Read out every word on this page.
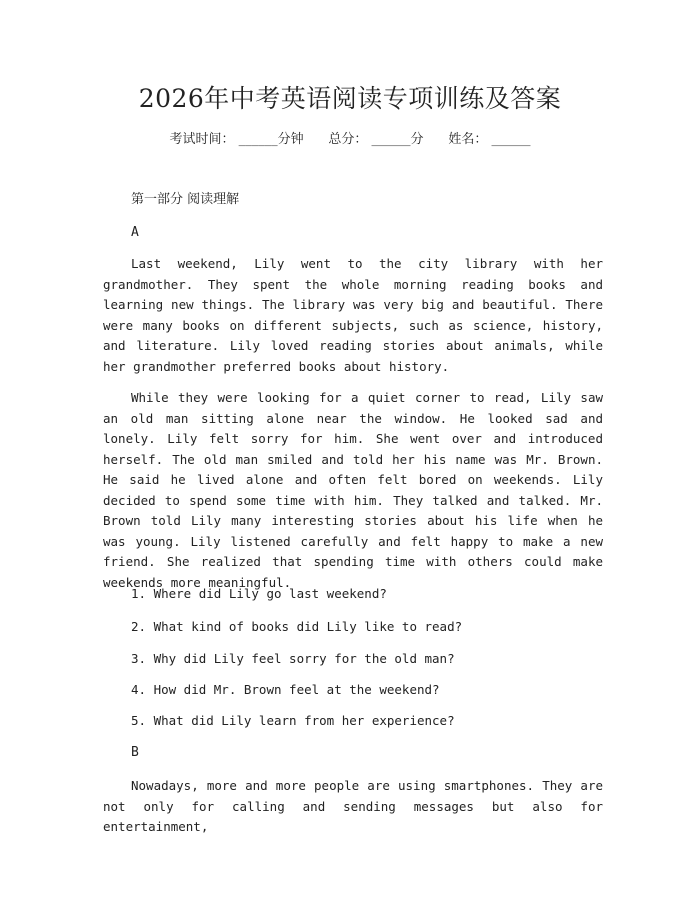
2026年中考英语阅读专项训练及答案
考试时间： ______分钟      总分： ______分      姓名： ______
第一部分 阅读理解
A
Last weekend, Lily went to the city library with her grandmother. They spent the whole morning reading books and learning new things. The library was very big and beautiful. There were many books on different subjects, such as science, history, and literature. Lily loved reading stories about animals, while her grandmother preferred books about history.
While they were looking for a quiet corner to read, Lily saw an old man sitting alone near the window. He looked sad and lonely. Lily felt sorry for him. She went over and introduced herself. The old man smiled and told her his name was Mr. Brown. He said he lived alone and often felt bored on weekends. Lily decided to spend some time with him. They talked and talked. Mr. Brown told Lily many interesting stories about his life when he was young. Lily listened carefully and felt happy to make a new friend. She realized that spending time with others could make weekends more meaningful.
1. Where did Lily go last weekend?
2. What kind of books did Lily like to read?
3. Why did Lily feel sorry for the old man?
4. How did Mr. Brown feel at the weekend?
5. What did Lily learn from her experience?
B
Nowadays, more and more people are using smartphones. They are not only for calling and sending messages but also for entertainment,
